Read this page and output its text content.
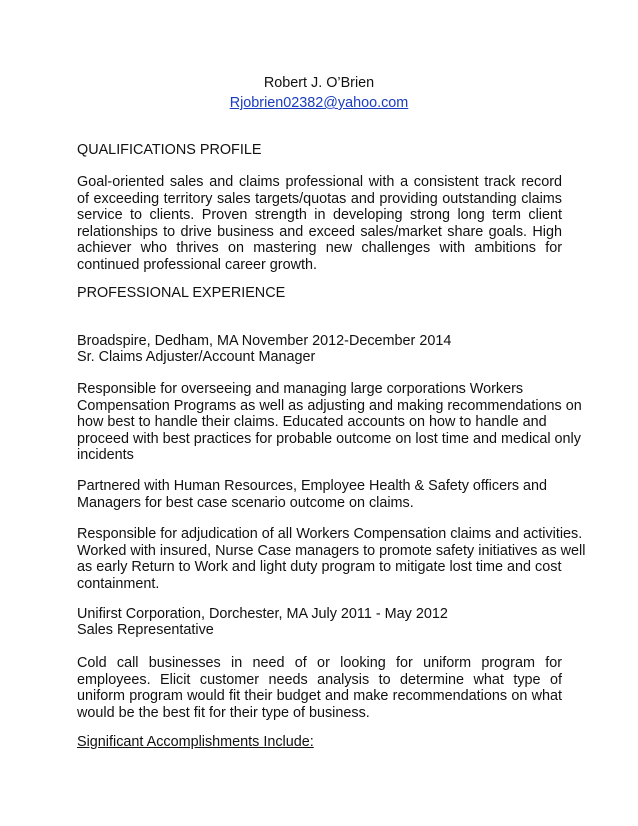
Robert J. O’Brien

Rjobrien02382@yahoo.com

QUALIFICATIONS PROFILE

Goal-oriented sales and claims professional with a consistent track record of exceeding territory sales targets/quotas and providing outstanding claims service to clients. Proven strength in developing strong long term client relationships to drive business and exceed sales/market share goals. High achiever who thrives on mastering new challenges with ambitions for continued professional career growth.

PROFESSIONAL EXPERIENCE

Broadspire, Dedham, MA November 2012-December 2014

Sr. Claims Adjuster/Account Manager

Responsible for overseeing and managing large corporations Workers
Compensation Programs as well as adjusting and making recommendations on
how best to handle their claims. Educated accounts on how to handle and
proceed with best practices for probable outcome on lost time and medical only
incidents

Partnered with Human Resources, Employee Health & Safety officers and
Managers for best case scenario outcome on claims.

Responsible for adjudication of all Workers Compensation claims and activities.
Worked with insured, Nurse Case managers to promote safety initiatives as well
as early Return to Work and light duty program to mitigate lost time and cost
containment.

Unifirst Corporation, Dorchester, MA July 2011 - May 2012

Sales Representative

Cold call businesses in need of or looking for uniform program for employees. Elicit customer needs analysis to determine what type of uniform program would fit their budget and make recommendations on what would be the best fit for their type of business.

Significant Accomplishments Include:
